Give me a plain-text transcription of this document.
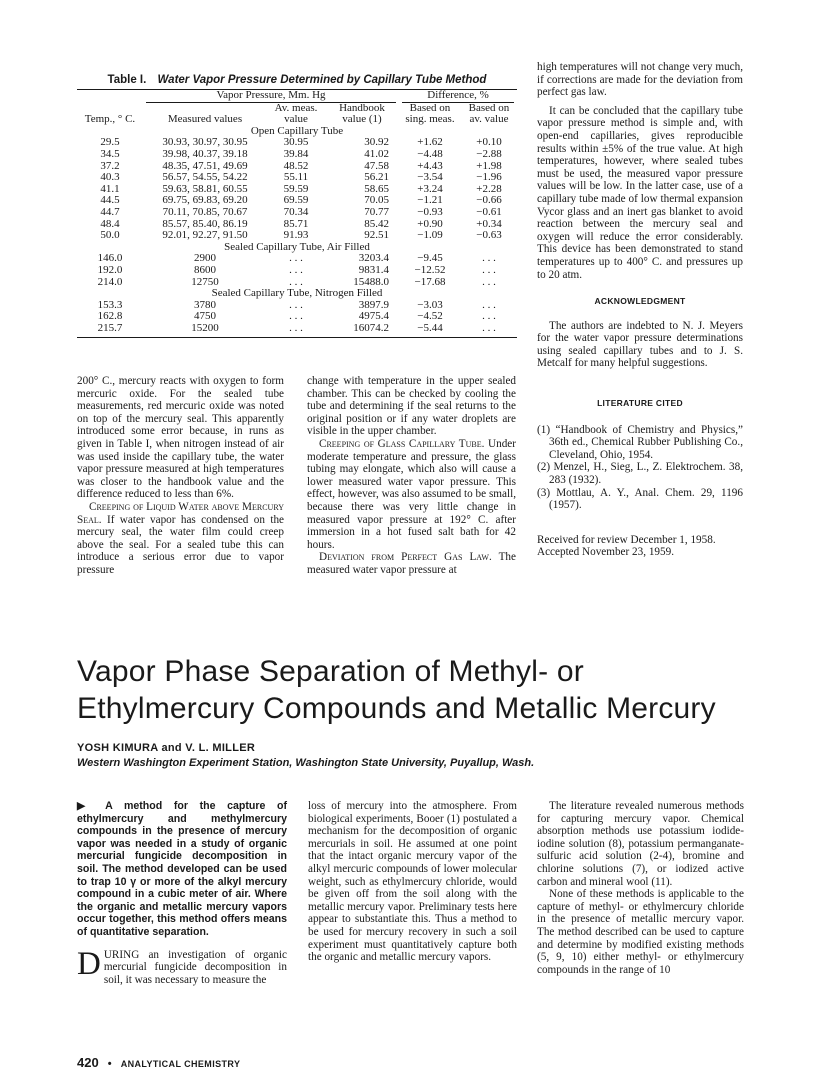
Table I. Water Vapor Pressure Determined by Capillary Tube Method
	Vapor Pressure, Mm. Hg			Difference, %	
		Av. meas.	Handbook	Based on	Based on
Temp., ° C.	Measured values	value	value (1)	sing. meas.	av. value
Open Capillary Tube					
29.5	30.93, 30.97, 30.95	30.95	30.92	+1.62	+0.10
34.5	39.98, 40.37, 39.18	39.84	41.02	−4.48	−2.88
37.2	48.35, 47.51, 49.69	48.52	47.58	+4.43	+1.98
40.3	56.57, 54.55, 54.22	55.11	56.21	−3.54	−1.96
41.1	59.63, 58.81, 60.55	59.59	58.65	+3.24	+2.28
44.5	69.75, 69.83, 69.20	69.59	70.05	−1.21	−0.66
44.7	70.11, 70.85, 70.67	70.34	70.77	−0.93	−0.61
48.4	85.57, 85.40, 86.19	85.71	85.42	+0.90	+0.34
50.0	92.01, 92.27, 91.50	91.93	92.51	−1.09	−0.63
Sealed Capillary Tube, Air Filled					
146.0	2900	. . .	3203.4	−9.45	. . .
192.0	8600	. . .	9831.4	−12.52	. . .
214.0	12750	. . .	15488.0	−17.68	. . .
Sealed Capillary Tube, Nitrogen Filled					
153.3	3780	. . .	3897.9	−3.03	. . .
162.8	4750	. . .	4975.4	−4.52	. . .
215.7	15200	. . .	16074.2	−5.44	. . .

high temperatures will not change very much, if corrections are made for the deviation from perfect gas law.

It can be concluded that the capillary tube vapor pressure method is simple and, with open-end capillaries, gives reproducible results within ±5% of the true value. At high temperatures, however, where sealed tubes must be used, the measured vapor pressure values will be low. In the latter case, use of a capillary tube made of low thermal expansion Vycor glass and an inert gas blanket to avoid reaction between the mercury seal and oxygen will reduce the error considerably. This device has been demonstrated to stand temperatures up to 400° C. and pressures up to 20 atm.

ACKNOWLEDGMENT

The authors are indebted to N. J. Meyers for the water vapor pressure determinations using sealed capillary tubes and to J. S. Metcalf for many helpful suggestions.

LITERATURE CITED

(1) “Handbook of Chemistry and Physics,” 36th ed., Chemical Rubber Publishing Co., Cleveland, Ohio, 1954.

(2) Menzel, H., Sieg, L., Z. Elektrochem. 38, 283 (1932).

(3) Mottlau, A. Y., Anal. Chem. 29, 1196 (1957).

Received for review December 1, 1958. Accepted November 23, 1959.

200° C., mercury reacts with oxygen to form mercuric oxide. For the sealed tube measurements, red mercuric oxide was noted on top of the mercury seal. This apparently introduced some error because, in runs as given in Table I, when nitrogen instead of air was used inside the capillary tube, the water vapor pressure measured at high temperatures was closer to the handbook value and the difference reduced to less than 6%.

Creeping of Liquid Water above Mercury Seal. If water vapor has condensed on the mercury seal, the water film could creep above the seal. For a sealed tube this can introduce a serious error due to vapor pressure

change with temperature in the upper sealed chamber. This can be checked by cooling the tube and determining if the seal returns to the original position or if any water droplets are visible in the upper chamber.

Creeping of Glass Capillary Tube. Under moderate temperature and pressure, the glass tubing may elongate, which also will cause a lower measured water vapor pressure. This effect, however, was also assumed to be small, because there was very little change in measured vapor pressure at 192° C. after immersion in a hot fused salt bath for 42 hours.

Deviation from Perfect Gas Law. The measured water vapor pressure at

Vapor Phase Separation of Methyl- or
Ethylmercury Compounds and Metallic Mercury
YOSH KIMURA and V. L. MILLER
Western Washington Experiment Station, Washington State University, Puyallup, Wash.

▶ A method for the capture of ethylmercury and methylmercury compounds in the presence of mercury vapor was needed in a study of organic mercurial fungicide decomposition in soil. The method developed can be used to trap 10 γ or more of the alkyl mercury compound in a cubic meter of air. Where the organic and metallic mercury vapors occur together, this method offers means of quantitative separation.

DURING an investigation of organic mercurial fungicide decomposition in soil, it was necessary to measure the

loss of mercury into the atmosphere. From biological experiments, Booer (1) postulated a mechanism for the decomposition of organic mercurials in soil. He assumed at one point that the intact organic mercury vapor of the alkyl mercuric compounds of lower molecular weight, such as ethylmercury chloride, would be given off from the soil along with the metallic mercury vapor. Preliminary tests here appear to substantiate this. Thus a method to be used for mercury recovery in such a soil experiment must quantitatively capture both the organic and metallic mercury vapors.

The literature revealed numerous methods for capturing mercury vapor. Chemical absorption methods use potassium iodide-iodine solution (8), potassium permanganate-sulfuric acid solution (2-4), bromine and chlorine solutions (7), or iodized active carbon and mineral wool (11).

None of these methods is applicable to the capture of methyl- or ethylmercury chloride in the presence of metallic mercury vapor. The method described can be used to capture and determine by modified existing methods (5, 9, 10) either methyl- or ethylmercury compounds in the range of 10

420 • ANALYTICAL CHEMISTRY
